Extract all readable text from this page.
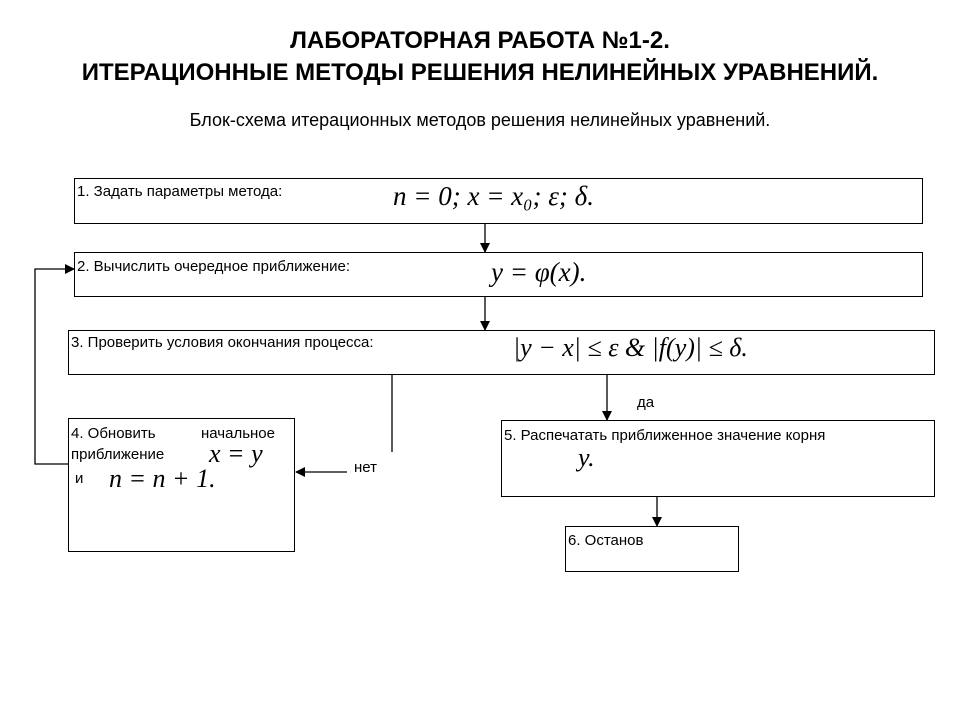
ЛАБОРАТОРНАЯ РАБОТА №1-2.
ИТЕРАЦИОННЫЕ МЕТОДЫ РЕШЕНИЯ НЕЛИНЕЙНЫХ УРАВНЕНИЙ.
Блок-схема итерационных методов решения нелинейных уравнений.
1. Задать параметры метода:	n = 0; x = x₀; ε; δ.
2. Вычислить очередное приближение:	y = φ(x).
3. Проверить условия окончания процесса:	|y − x| ≤ ε & |f(y)| ≤ δ.
4. Обновить	начальное
приближение x = y
и n = n + 1.
5. Распечатать приближенное значение корня
y.
6. Останов
да
нет
